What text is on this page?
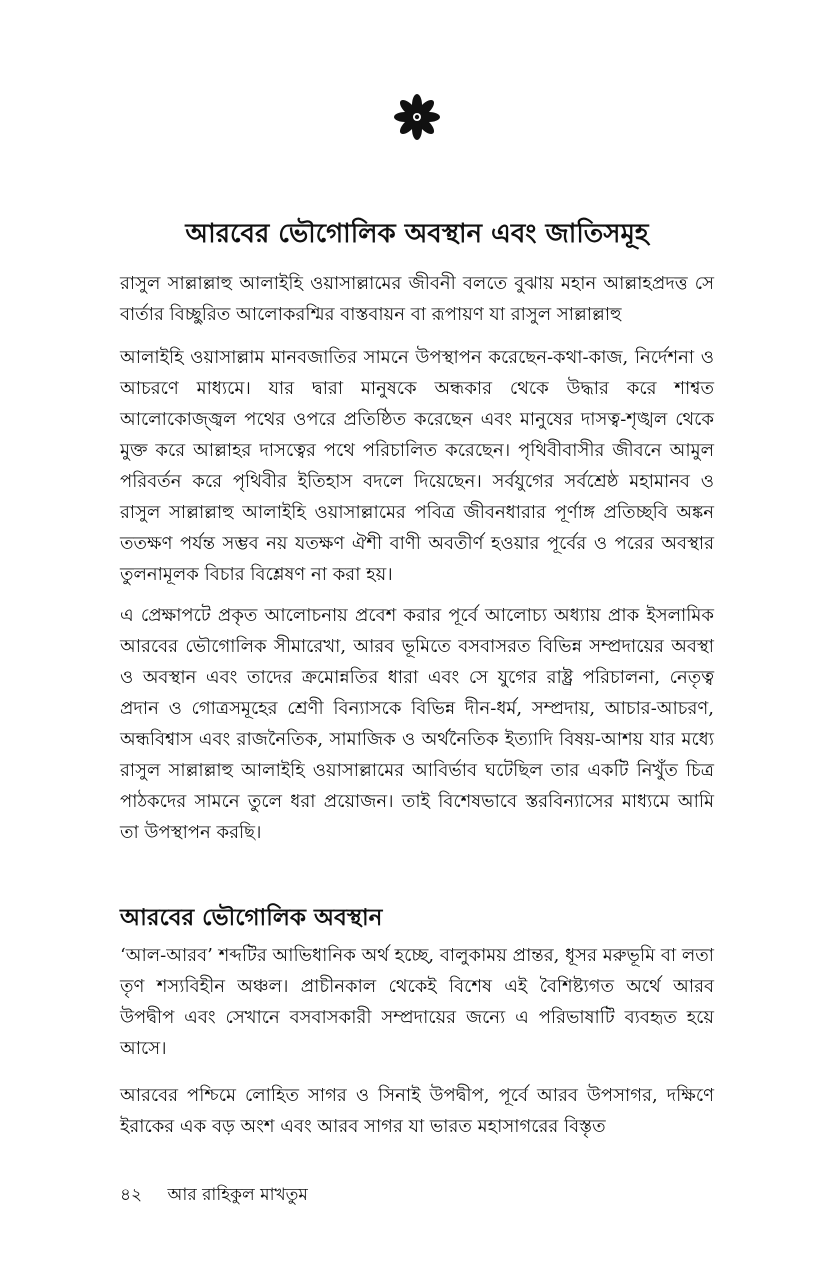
আরবের ভৌগোলিক অবস্থান এবং জাতিসমূহ

রাসুল সাল্লাল্লাহু আলাইহি ওয়াসাল্লামের জীবনী বলতে বুঝায় মহান আল্লাহপ্রদত্ত সে বার্তার বিচ্ছুরিত আলোকরশ্মির বাস্তবায়ন বা রূপায়ণ যা রাসুল সাল্লাল্লাহু

আলাইহি ওয়াসাল্লাম মানবজাতির সামনে উপস্থাপন করেছেন-কথা-কাজ, নির্দেশনা ও আচরণে মাধ্যমে। যার দ্বারা মানুষকে অন্ধকার থেকে উদ্ধার করে শাশ্বত আলোকোজ্জ্বল পথের ওপরে প্রতিষ্ঠিত করেছেন এবং মানুষের দাসত্ব-শৃঙ্খল থেকে মুক্ত করে আল্লাহর দাসত্বের পথে পরিচালিত করেছেন। পৃথিবীবাসীর জীবনে আমুল পরিবর্তন করে পৃথিবীর ইতিহাস বদলে দিয়েছেন। সর্বযুগের সর্বশ্রেষ্ঠ মহামানব ও রাসুল সাল্লাল্লাহু আলাইহি ওয়াসাল্লামের পবিত্র জীবনধারার পূর্ণাঙ্গ প্রতিচ্ছবি অঙ্কন ততক্ষণ পর্যন্ত সম্ভব নয় যতক্ষণ ঐশী বাণী অবতীর্ণ হওয়ার পূর্বের ও পরের অবস্থার তুলনামূলক বিচার বিশ্লেষণ না করা হয়।

এ প্রেক্ষাপটে প্রকৃত আলোচনায় প্রবেশ করার পূর্বে আলোচ্য অধ্যায় প্রাক ইসলামিক আরবের ভৌগোলিক সীমারেখা, আরব ভূমিতে বসবাসরত বিভিন্ন সম্প্রদায়ের অবস্থা ও অবস্থান এবং তাদের ক্রমোন্নতির ধারা এবং সে যুগের রাষ্ট্র পরিচালনা, নেতৃত্ব প্রদান ও গোত্রসমূহের শ্রেণী বিন্যাসকে বিভিন্ন দীন-ধর্ম, সম্প্রদায়, আচার-আচরণ, অন্ধবিশ্বাস এবং রাজনৈতিক, সামাজিক ও অর্থনৈতিক ইত্যাদি বিষয়-আশয় যার মধ্যে রাসুল সাল্লাল্লাহু আলাইহি ওয়াসাল্লামের আবির্ভাব ঘটেছিল তার একটি নিখুঁত চিত্র পাঠকদের সামনে তুলে ধরা প্রয়োজন। তাই বিশেষভাবে স্তরবিন্যাসের মাধ্যমে আমি তা উপস্থাপন করছি।

আরবের ভৌগোলিক অবস্থান

‘আল-আরব’ শব্দটির আভিধানিক অর্থ হচ্ছে, বালুকাময় প্রান্তর, ধূসর মরুভূমি বা লতা তৃণ শস্যবিহীন অঞ্চল। প্রাচীনকাল থেকেই বিশেষ এই বৈশিষ্ট্যগত অর্থে আরব উপদ্বীপ এবং সেখানে বসবাসকারী সম্প্রদায়ের জন্যে এ পরিভাষাটি ব্যবহৃত হয়ে আসে।

আরবের পশ্চিমে লোহিত সাগর ও সিনাই উপদ্বীপ, পূর্বে আরব উপসাগর, দক্ষিণে ইরাকের এক বড় অংশ এবং আরব সাগর যা ভারত মহাসাগরের বিস্তৃত

৪২ আর রাহিকুল মাখতুম
